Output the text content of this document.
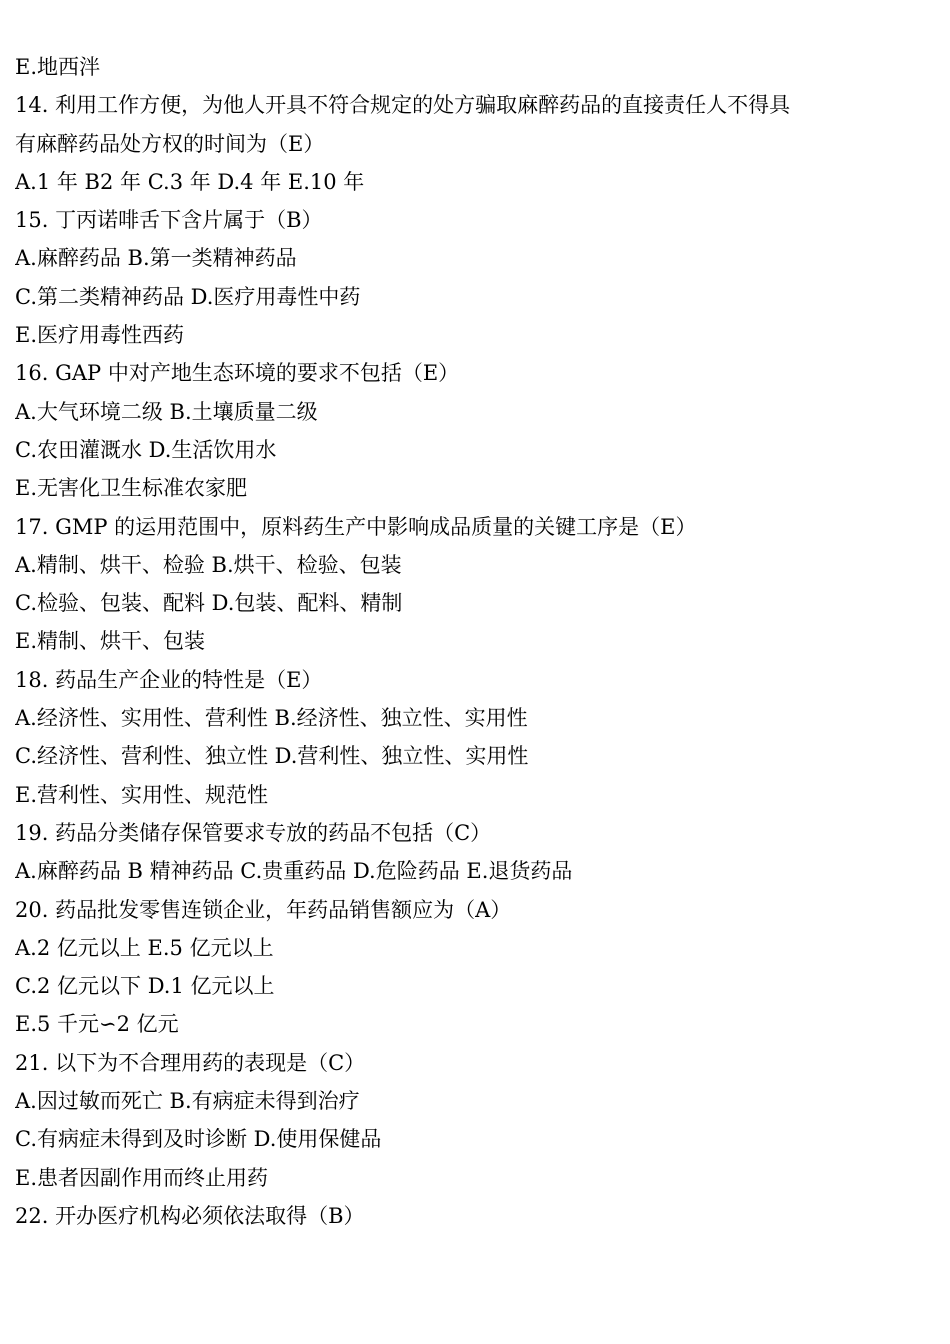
E.地西泮
14. 利用工作方便，为他人开具不符合规定的处方骗取麻醉药品的直接责任人不得具
有麻醉药品处方权的时间为（E）
A.1 年 B2 年 C.3 年 D.4 年 E.10 年
15. 丁丙诺啡舌下含片属于（B）
A.麻醉药品 B.第一类精神药品
C.第二类精神药品 D.医疗用毒性中药
E.医疗用毒性西药
16. GAP 中对产地生态环境的要求不包括（E）
A.大气环境二级 B.土壤质量二级
C.农田灌溉水 D.生活饮用水
E.无害化卫生标准农家肥
17. GMP 的运用范围中，原料药生产中影响成品质量的关键工序是（E）
A.精制、烘干、检验 B.烘干、检验、包装
C.检验、包装、配料 D.包装、配料、精制
E.精制、烘干、包装
18. 药品生产企业的特性是（E）
A.经济性、实用性、营利性 B.经济性、独立性、实用性
C.经济性、营利性、独立性 D.营利性、独立性、实用性
E.营利性、实用性、规范性
19. 药品分类储存保管要求专放的药品不包括（C）
A.麻醉药品 B 精神药品 C.贵重药品 D.危险药品 E.退货药品
20. 药品批发零售连锁企业，年药品销售额应为（A）
A.2 亿元以上 E.5 亿元以上
C.2 亿元以下 D.1 亿元以上
E.5 千元∽2 亿元
21. 以下为不合理用药的表现是（C）
A.因过敏而死亡 B.有病症未得到治疗
C.有病症未得到及时诊断 D.使用保健品
E.患者因副作用而终止用药
22. 开办医疗机构必须依法取得（B）
